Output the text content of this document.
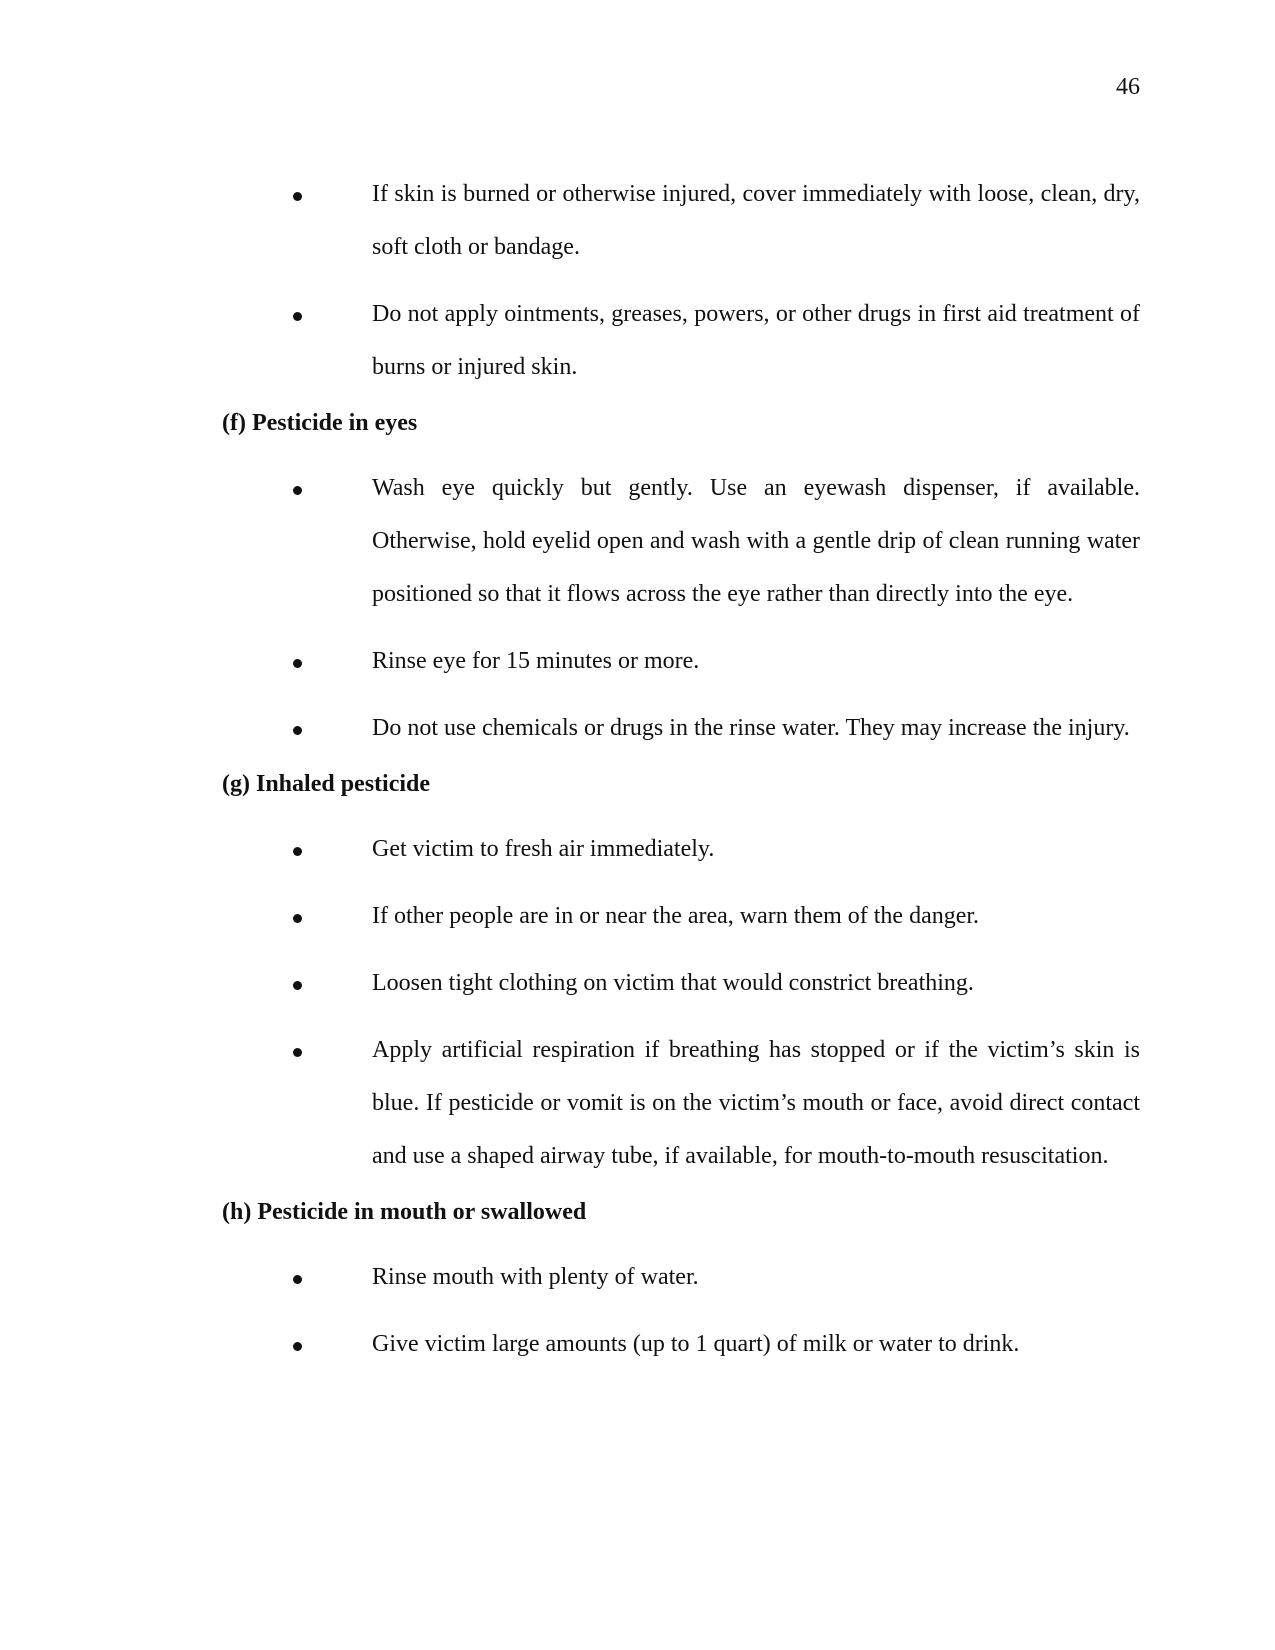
46
If skin is burned or otherwise injured, cover immediately with loose, clean, dry, soft cloth or bandage.
Do not apply ointments, greases, powers, or other drugs in first aid treatment of burns or injured skin.
(f) Pesticide in eyes
Wash eye quickly but gently. Use an eyewash dispenser, if available. Otherwise, hold eyelid open and wash with a gentle drip of clean running water positioned so that it flows across the eye rather than directly into the eye.
Rinse eye for 15 minutes or more.
Do not use chemicals or drugs in the rinse water. They may increase the injury.
(g) Inhaled pesticide
Get victim to fresh air immediately.
If other people are in or near the area, warn them of the danger.
Loosen tight clothing on victim that would constrict breathing.
Apply artificial respiration if breathing has stopped or if the victim’s skin is blue. If pesticide or vomit is on the victim’s mouth or face, avoid direct contact and use a shaped airway tube, if available, for mouth-to-mouth resuscitation.
(h) Pesticide in mouth or swallowed
Rinse mouth with plenty of water.
Give victim large amounts (up to 1 quart) of milk or water to drink.
